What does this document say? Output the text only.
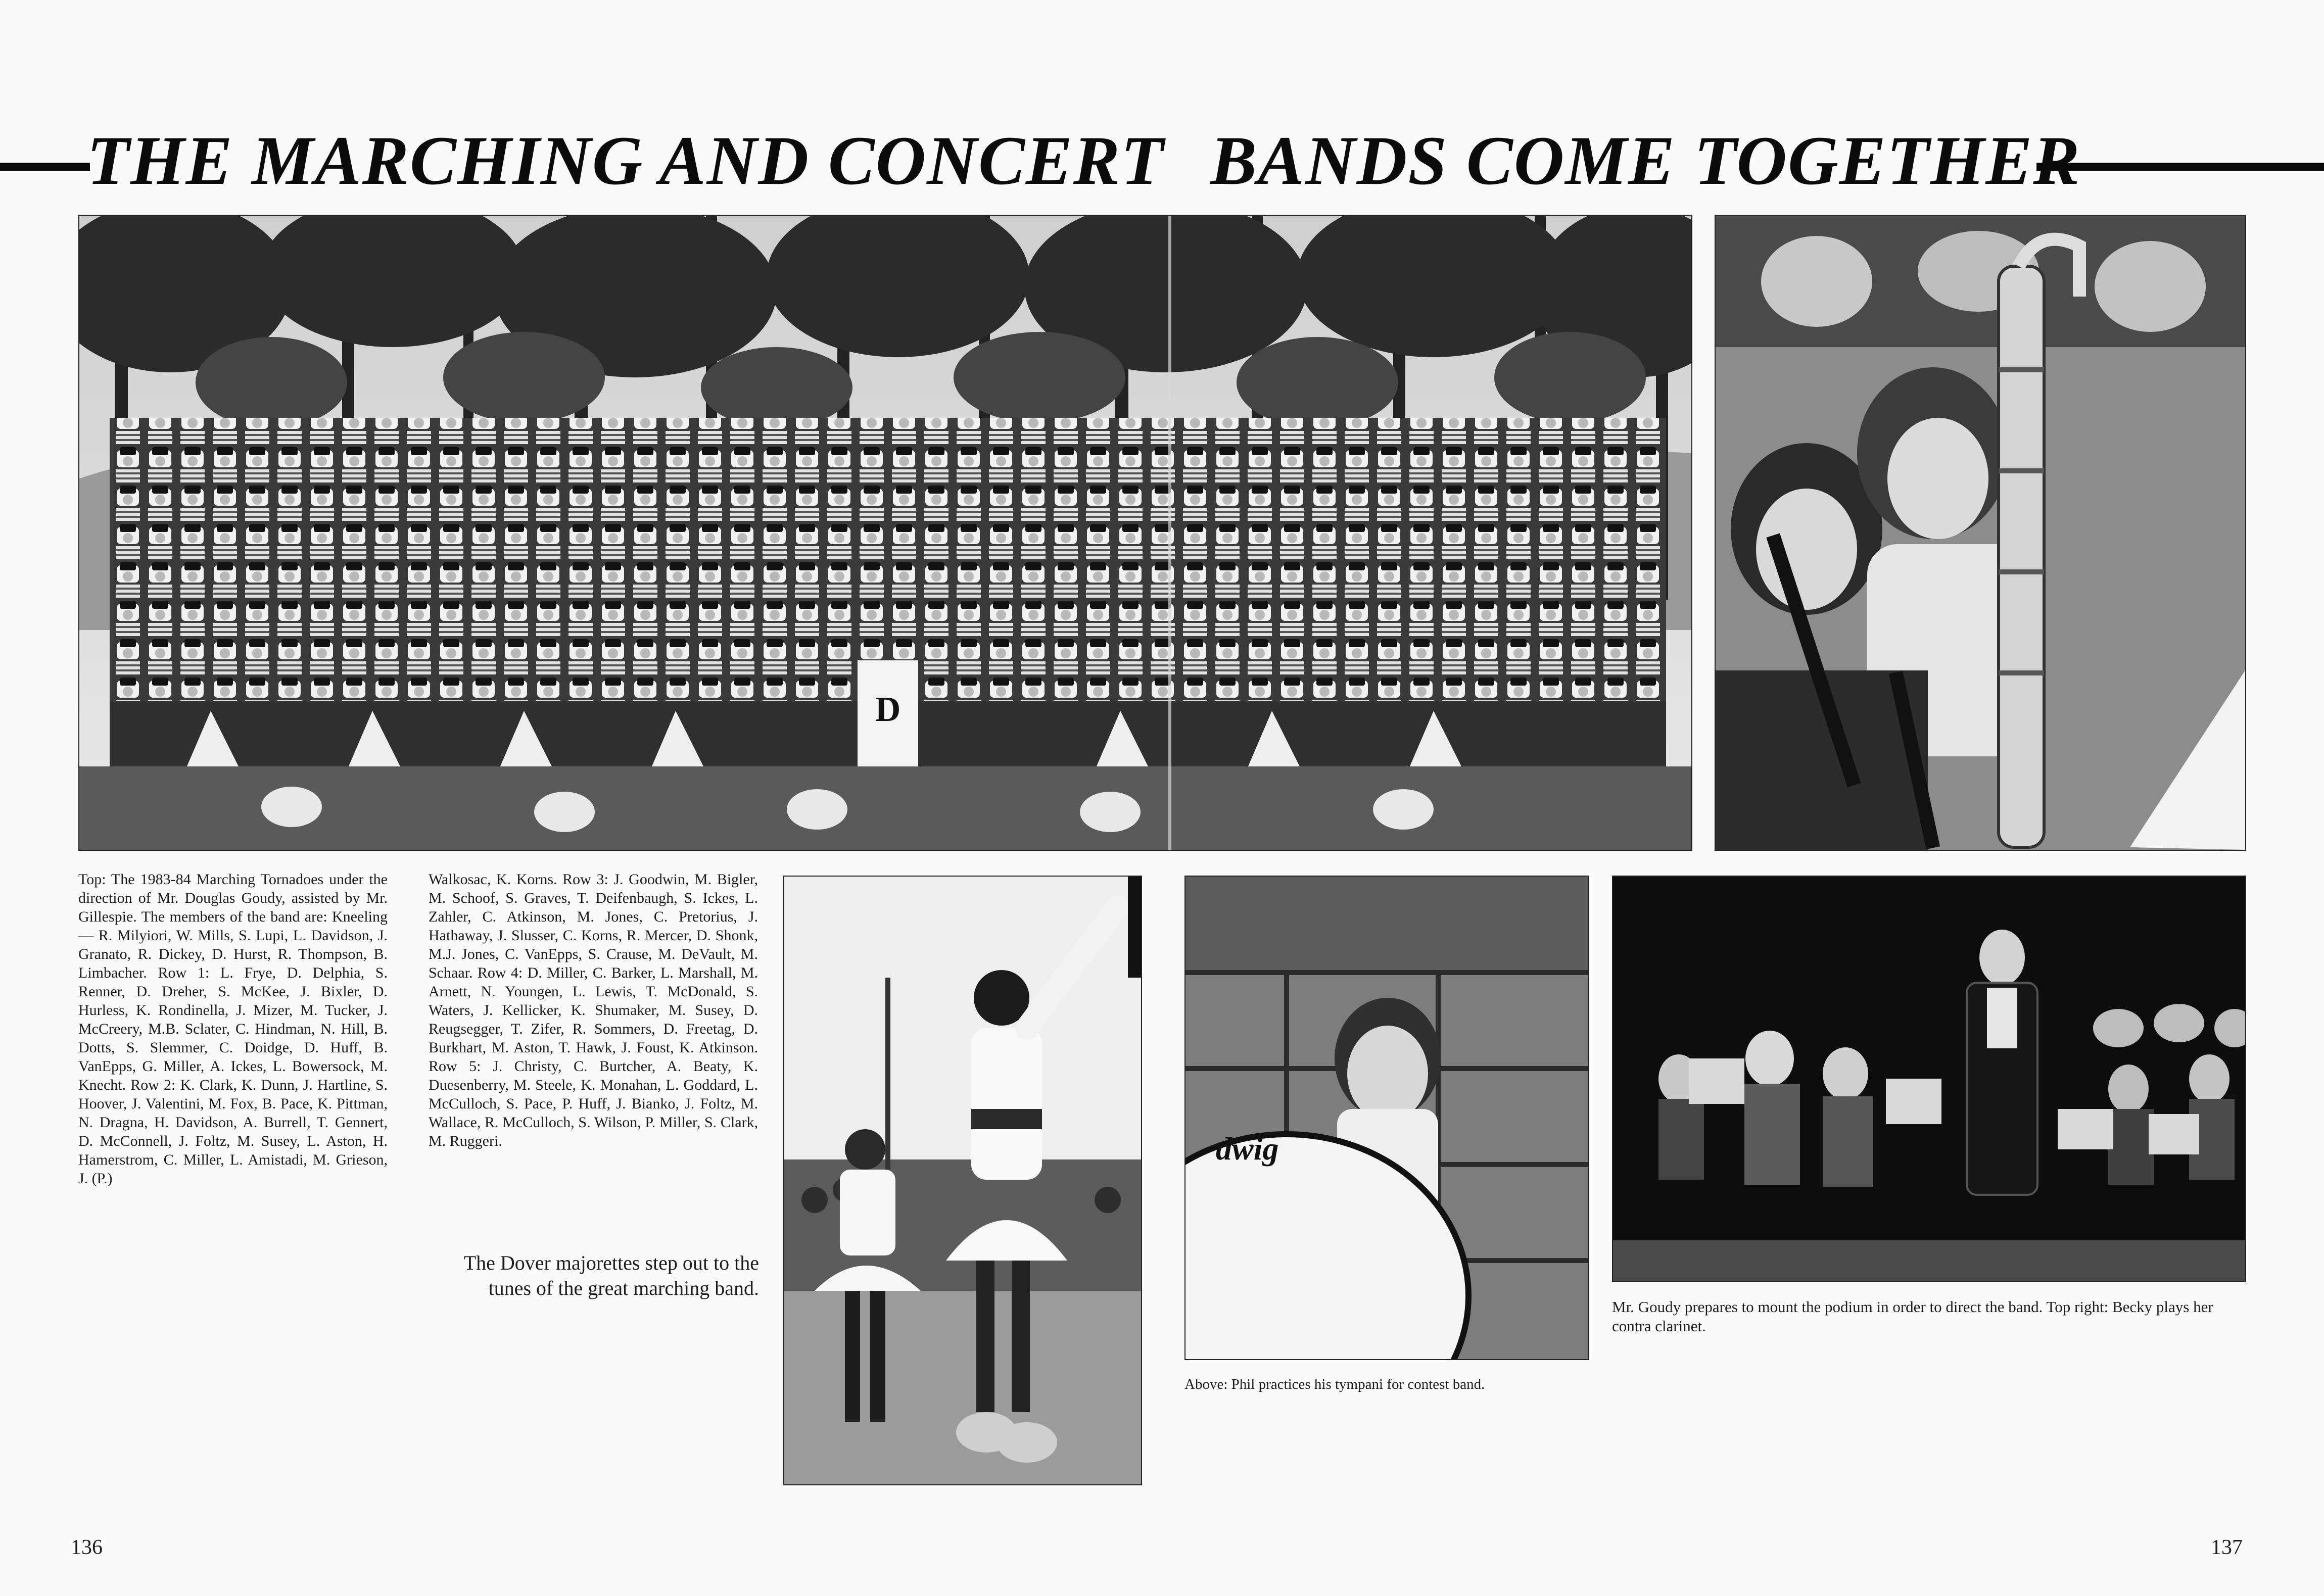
THE MARCHING AND CONCERT BANDS COME TOGETHER
D
dwig

Top: The 1983-84 Marching Tornadoes under the direction of Mr. Douglas Goudy, assisted by Mr. Gillespie. The members of the band are: Kneeling — R. Milyiori, W. Mills, S. Lupi, L. Davidson, J. Granato, R. Dickey, D. Hurst, R. Thompson, B. Limbacher. Row 1: L. Frye, D. Delphia, S. Renner, D. Dreher, S. McKee, J. Bixler, D. Hurless, K. Rondinella, J. Mizer, M. Tucker, J. McCreery, M.B. Sclater, C. Hindman, N. Hill, B. Dotts, S. Slemmer, C. Doidge, D. Huff, B. VanEpps, G. Miller, A. Ickes, L. Bowersock, M. Knecht. Row 2: K. Clark, K. Dunn, J. Hartline, S. Hoover, J. Valentini, M. Fox, B. Pace, K. Pittman, N. Dragna, H. Davidson, A. Burrell, T. Gennert, D. McConnell, J. Foltz, M. Susey, L. Aston, H. Hamerstrom, C. Miller, L. Amistadi, M. Grieson, J. (P.)

Walkosac, K. Korns. Row 3: J. Goodwin, M. Bigler, M. Schoof, S. Graves, T. Deifenbaugh, S. Ickes, L. Zahler, C. Atkinson, M. Jones, C. Pretorius, J. Hathaway, J. Slusser, C. Korns, R. Mercer, D. Shonk, M.J. Jones, C. VanEpps, S. Crause, M. DeVault, M. Schaar. Row 4: D. Miller, C. Barker, L. Marshall, M. Arnett, N. Youngen, L. Lewis, T. McDonald, S. Waters, J. Kellicker, K. Shumaker, M. Susey, D. Reugsegger, T. Zifer, R. Sommers, D. Freetag, D. Burkhart, M. Aston, T. Hawk, J. Foust, K. Atkinson. Row 5: J. Christy, C. Burtcher, A. Beaty, K. Duesenberry, M. Steele, K. Monahan, L. Goddard, L. McCulloch, S. Pace, P. Huff, J. Bianko, J. Foltz, M. Wallace, R. McCulloch, S. Wilson, P. Miller, S. Clark, M. Ruggeri.

The Dover majorettes step out to the tunes of the great marching band.

Above: Phil practices his tympani for contest band.

Mr. Goudy prepares to mount the podium in order to direct the band. Top right: Becky plays her contra clarinet.

136	137
